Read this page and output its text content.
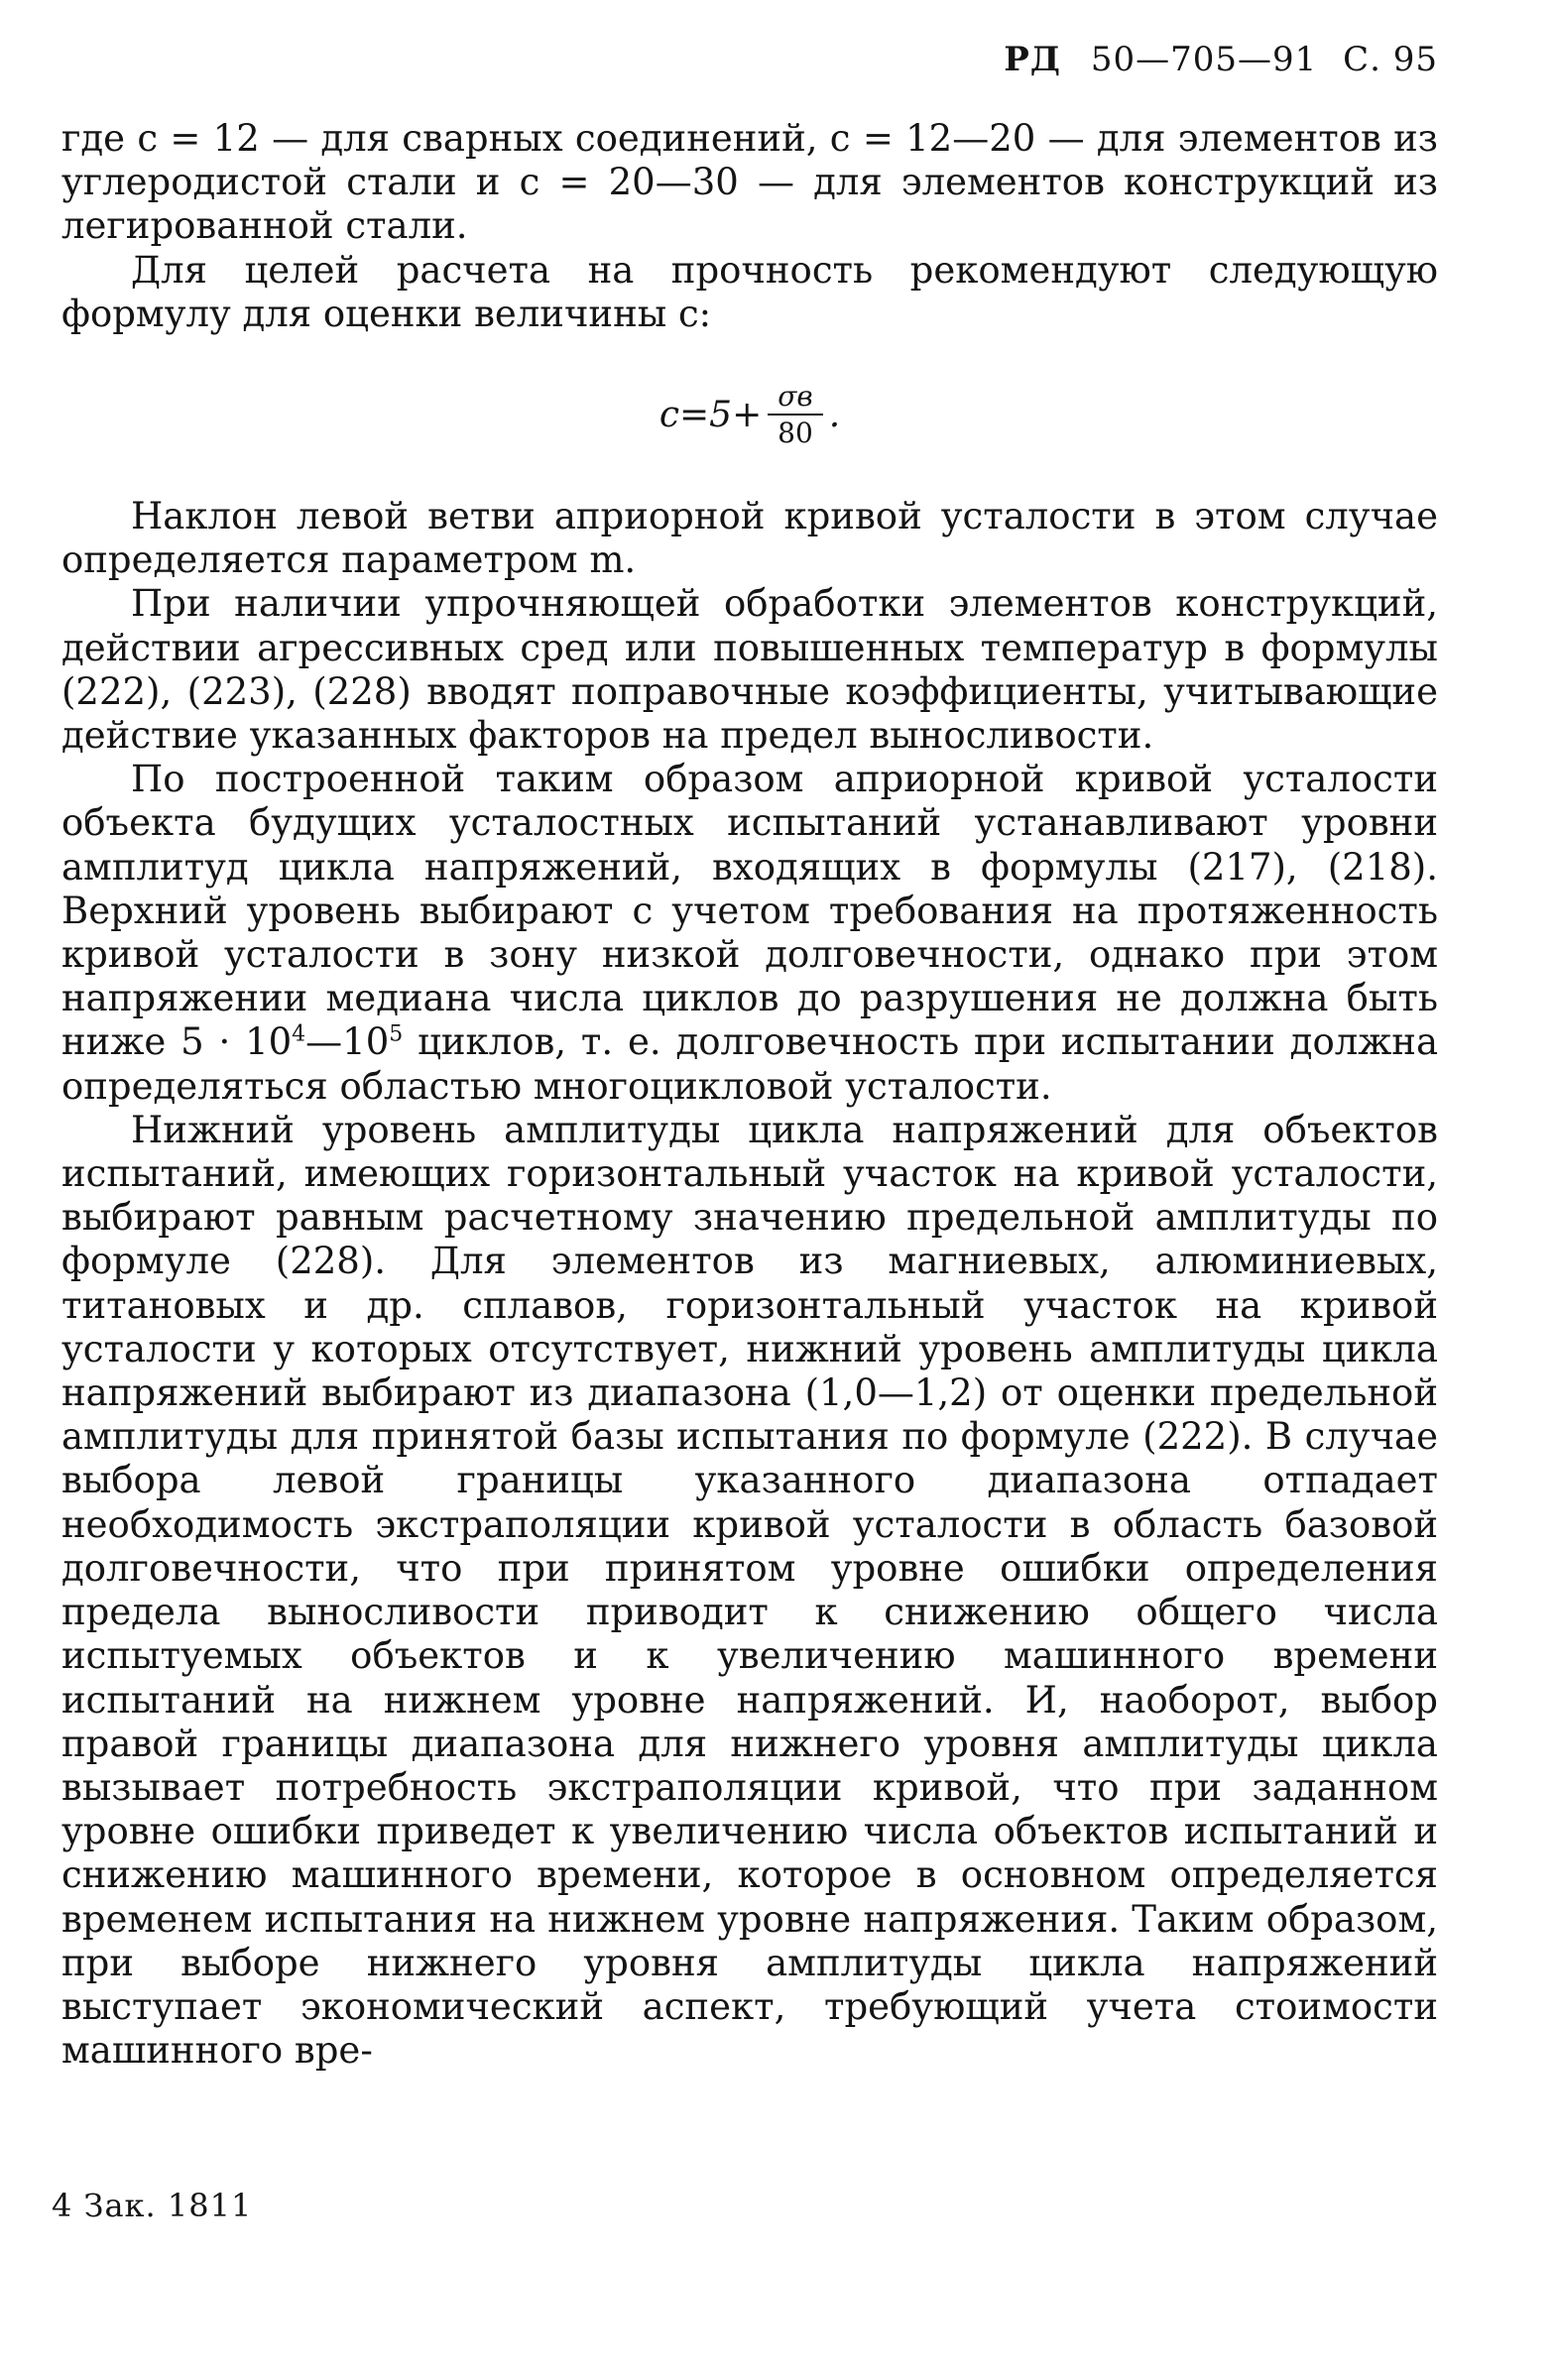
РД 50—705—91 С. 95

где c = 12 — для сварных соединений, c = 12—20 — для элементов из углеродистой стали и c = 20—30 — для элементов конструкций из легированной стали.

Для целей расчета на прочность рекомендуют следующую формулу для оценки величины c:

$c=5+ \frac{\sigma в}{80}$ .

Наклон левой ветви априорной кривой усталости в этом случае определяется параметром m.

При наличии упрочняющей обработки элементов конструкций, действии агрессивных сред или повышенных температур в формулы (222), (223), (228) вводят поправочные коэффициенты, учитывающие действие указанных факторов на предел выносливости.

По построенной таким образом априорной кривой усталости объекта будущих усталостных испытаний устанавливают уровни амплитуд цикла напряжений, входящих в формулы (217), (218). Верхний уровень выбирают с учетом требования на протяженность кривой усталости в зону низкой долговечности, однако при этом напряжении медиана числа циклов до разрушения не должна быть ниже $5 \cdot 10^4—10^5$ циклов, т. е. долговечность при испытании должна определяться областью многоцикловой усталости.

Нижний уровень амплитуды цикла напряжений для объектов испытаний, имеющих горизонтальный участок на кривой усталости, выбирают равным расчетному значению предельной амплитуды по формуле (228). Для элементов из магниевых, алюминиевых, титановых и др. сплавов, горизонтальный участок на кривой усталости у которых отсутствует, нижний уровень амплитуды цикла напряжений выбирают из диапазона (1,0—1,2) от оценки предельной амплитуды для принятой базы испытания по формуле (222). В случае выбора левой границы указанного диапазона отпадает необходимость экстраполяции кривой усталости в область базовой долговечности, что при принятом уровне ошибки определения предела выносливости приводит к снижению общего числа испытуемых объектов и к увеличению машинного времени испытаний на нижнем уровне напряжений. И, наоборот, выбор правой границы диапазона для нижнего уровня амплитуды цикла вызывает потребность экстраполяции кривой, что при заданном уровне ошибки приведет к увеличению числа объектов испытаний и снижению машинного времени, которое в основном определяется временем испытания на нижнем уровне напряжения. Таким образом, при выборе нижнего уровня амплитуды цикла напряжений выступает экономический аспект, требующий учета стоимости машинного вре-

4 Зак. 1811
